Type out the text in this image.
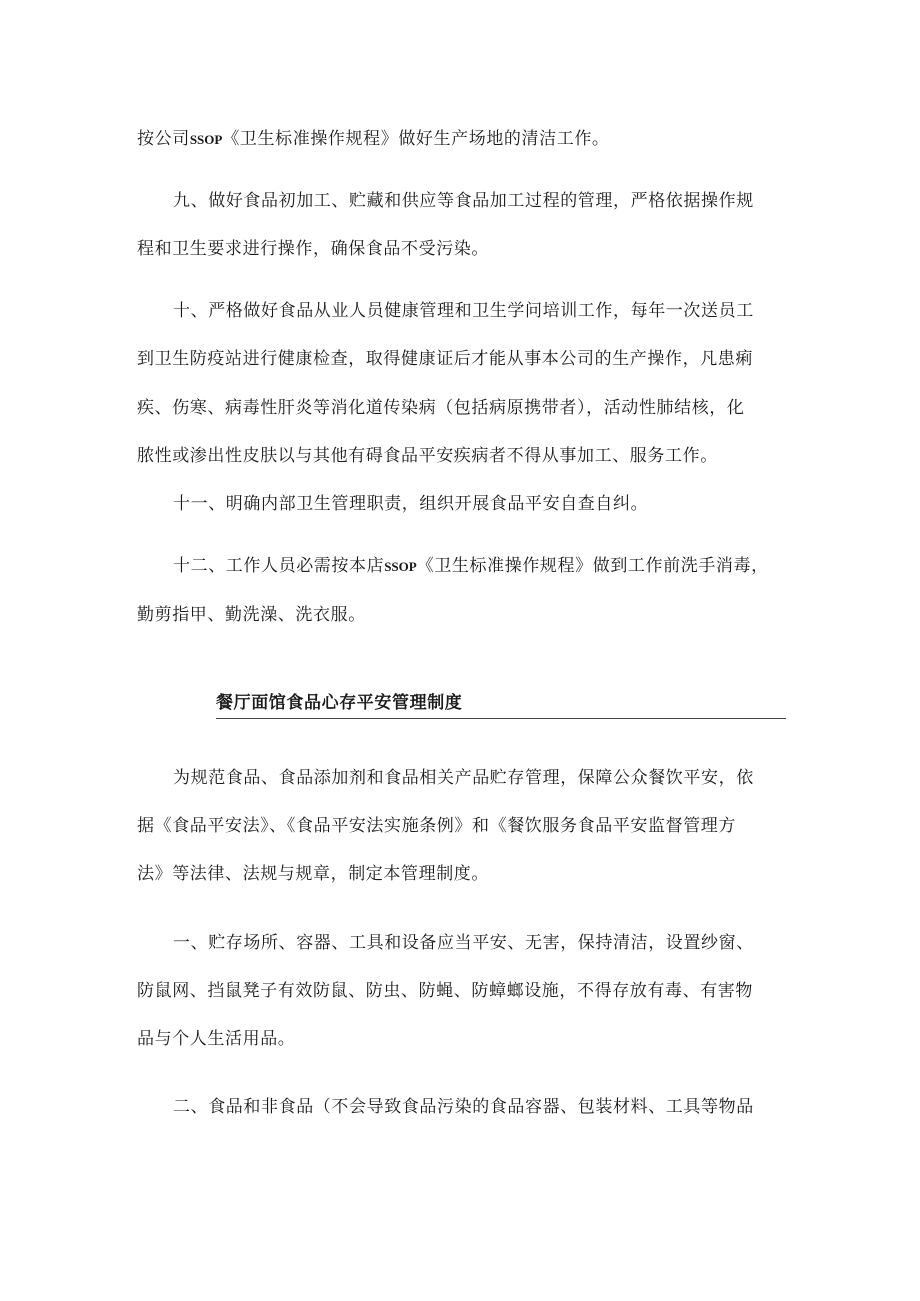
按公司SSOP《卫生标准操作规程》做好生产场地的清洁工作。
九、做好食品初加工、贮藏和供应等食品加工过程的管理，严格依据操作规
程和卫生要求进行操作，确保食品不受污染。
十、严格做好食品从业人员健康管理和卫生学问培训工作，每年一次送员工
到卫生防疫站进行健康检查，取得健康证后才能从事本公司的生产操作，凡患痢
疾、伤寒、病毒性肝炎等消化道传染病（包括病原携带者），活动性肺结核，化
脓性或渗出性皮肤以与其他有碍食品平安疾病者不得从事加工、服务工作。
十一、明确内部卫生管理职责，组织开展食品平安自查自纠。
十二、工作人员必需按本店SSOP《卫生标准操作规程》做到工作前洗手消毒，
勤剪指甲、勤洗澡、洗衣服。
餐厅面馆食品心存平安管理制度
为规范食品、食品添加剂和食品相关产品贮存管理，保障公众餐饮平安，依
据《食品平安法》、《食品平安法实施条例》和《餐饮服务食品平安监督管理方
法》等法律、法规与规章，制定本管理制度。
一、贮存场所、容器、工具和设备应当平安、无害，保持清洁，设置纱窗、
防鼠网、挡鼠凳子有效防鼠、防虫、防蝇、防蟑螂设施，不得存放有毒、有害物
品与个人生活用品。
二、食品和非食品（不会导致食品污染的食品容器、包装材料、工具等物品
